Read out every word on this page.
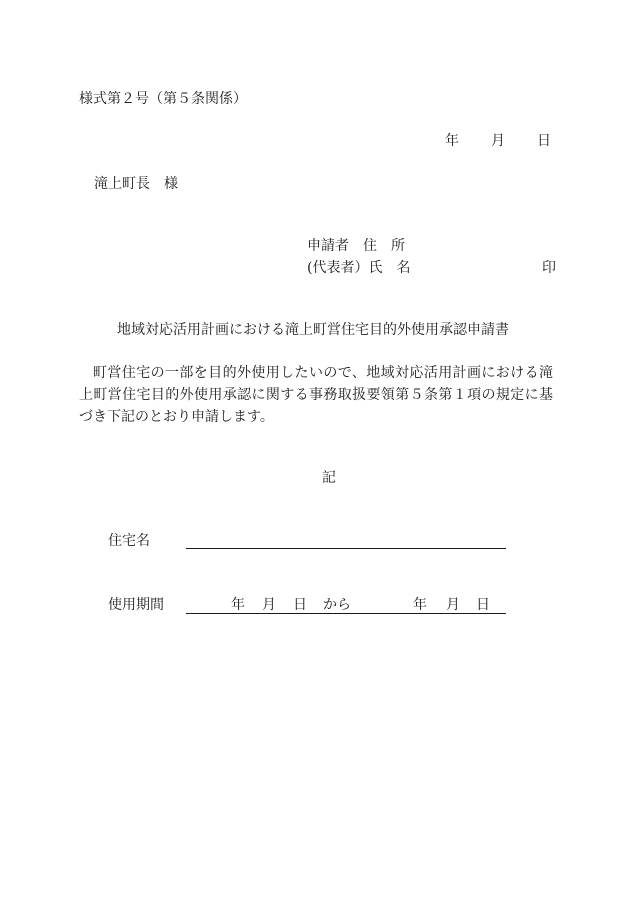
様式第２号（第５条関係）
年 月 日
滝上町長　様
申請者　住　所
(代表者）氏　名	印
地域対応活用計画における滝上町営住宅目的外使用承認申請書
町営住宅の一部を目的外使用したいので、地域対応活用計画における滝上町営住宅目的外使用承認に関する事務取扱要領第５条第１項の規定に基づき下記のとおり申請します。
記
住宅名
使用期間	年 月 日 から	年 月 日
